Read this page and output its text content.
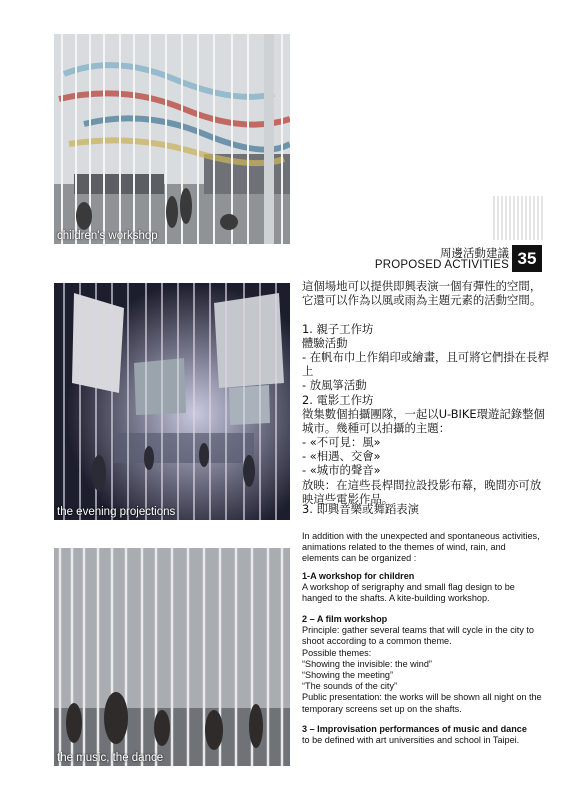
children's workshop
the evening projections
the music, the dance
周邊活動建議
PROPOSED ACTIVITIES 35

這個場地可以提供即興表演一個有彈性的空間，它還可以作為以風或雨為主題元素的活動空間。

1. 親子工作坊

體驗活動

- 在帆布巾上作絹印或繪畫，且可將它們掛在長桿上

- 放風箏活動

2. 電影工作坊

徵集數個拍攝團隊，一起以U-BIKE環遊記錄整個城市。幾種可以拍攝的主題：

- «不可見：風»

- «相遇、交會»

- «城市的聲音»

放映：在這些長桿間拉設投影布幕，晚間亦可放映這些電影作品。

3. 即興音樂或舞蹈表演

In addition with the unexpected and spontaneous activities, animations related to the themes of wind, rain, and elements can be organized :

1-A workshop for children

A workshop of serigraphy and small flag design to be hanged to the shafts. A kite-building workshop.

2 – A film workshop

Principle: gather several teams that will cycle in the city to shoot according to a common theme.

Possible themes:

“Showing the invisible: the wind”

“Showing the meeting”

“The sounds of the city”

Public presentation: the works will be shown all night on the temporary screens set up on the shafts.

3 – Improvisation performances of music and dance

to be defined with art universities and school in Taipei.
